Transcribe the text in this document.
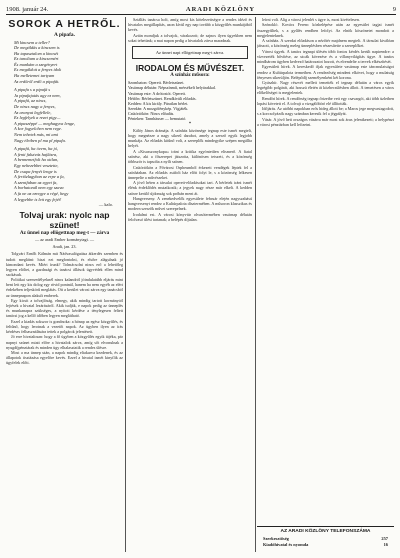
1908. január 24.	ARADI KÖZLÖNY	9
SOROK A HETRŐL.
A pipafa.
Mi kincsem a teller?
De megáldás a kincsem is
Ha tapasztalom a kincsét
Ez tanoltam a kincsemért
És munkám a szegényert
Es megáldott a fenyes idok
Ha melletemet tartyam
Az erdőről erdő a pipafát.
A pipafa s a pipafá s
Ja pipafajutás agy ez nem,
A pipafá, az nincs,
De nincs nagy a fenyes,
Az aranyat legfellele,
Ez legfelyek a rezet pigy—
A pipaszéppé — meghagyva lenge,
A kor fogyelchen nem rege.
Nem tehetek más, mi ami
Nagy életben pl ma pl pipafa.
A pipafá, ha övem, ha jó,
A fenti falutvás hajlásra,
A bennemetfolt ha ottlan,
Egy nehezebbet vesztette,
De csupa fenyét lenge is
A fertőzlagyban az erpe a fa,
A szentfaban az egyet fa,
A borhatonál nem egy szava
A fa ne az ezregye a régé, hegy
A legyebbe is lett egy fejét!
— kalo.
Tolvaj urak: nyolc nap szünet!
Az ünnei nap ellögettnap meg-t — zárva
— az aradi Ember kormánytagi. —
Aradi, jan. 23.

Tolgvári Ernőlt Kálmán mit Nádvasalógatása átkerdés szemben és tudott meglátni: hiszi ezt megfontolni, és elsőre alágulnak jó kimondani kevés. Miért írunk? Tolmácsolni nincs erő a lehetőleg legyen elöltei, a gazdasági és tanácsi állások ügyvédek ellen mind szokásuk.

Politikai szenvedélyeknél nincs kalandról jóindulatúbb eljárás mint bent lett egy kis dolog egy rövid pontnál, hanem ha nem egyéb az elért érdekében teljeskörű meglátás. Ott a kerület városi zárva egy tanácsból az ünnepnapon alakult emberek.

Egy kicsit a tolvajlóság, elmegy, akik mindig tartott kormánytól lejtések a hivatal lezárásáról. Akik tudják, e napok pedig az ünneplés és munkanapra szükséges, a nyitott kérdése a ténylegesen feltett tanácsi jog a kellő időben legyen meglátható.

Ezzel a kiadás sokszor is gondnoka: a hónap az egész közgyűlés, és feltűnő, hogy lerotnak a vezetői napok. Az ügyben ilyen az írás kérdéses felhasználására tettek a polgárok jelentéseit.

Jó erre hivatalosan: hogy a fő ügyben a közgyűlés egyik tájéka, pár napnyi szünet miatt előre a hivatalok zárva, amíg sőt elvonulnak a nyugdíjpénztárak és minden ügy elhalasztatik a rendes ülésre.

Most a ma ünnep után, a napok mindig eltakarva kezdenek, és az állapotok tisztázása egyelőre kevés. Ezzel a hivatal ismét kinyílik az ügyfelek előtt.

Sztálfás tanácsa holt, amíg most kis kötelezettségre a rendes idéző és hivatalos megállapítás, azon kívül egy nap tovább a közgyűlés munkájából kevés.

Aztán mondjuk a tolvajok, várakozott; de sajnos ilyen ügyekben nem sokat tehetünk; a mai napon pedig a hivatalok zárva maradnak.

Az ünnei napi ellögettnap meg-t zárva.
IRODALOM ÉS MŰVÉSZET.
A színház műsora:
Szombaton: Operett. Bérletszünet.
Vasárnap délután: Népszínmű, mérsékelt helyárakkal.
Vasárnap este: A drótostót. Operett.
Hétfőn: Bérletszünet. Rendkívüli előadás.
Kedden: A kis király. Páratlan bérlet.
Szerdán: A mozgófénykép. Vígjáték.
Csütörtökön: Nincs előadás.
Pénteken: Tannhäuser — bemutató.
*

Kálóy János drámája. A színház közönsége tegnap este ismét megtelt, hogy megnézze a nagy sikerű darabot, amely a szerző egyik legjobb munkája. Az előadás kitűnő volt, a szereplők mindegyike szépen megállta helyét.

A »Kisasszonykapu« iránt a kritika egyöntetűen elismerő. A fiatal színész, aki a főszerepet játszotta, különösen tetszett, és a közönség többször is tapsolta a nyílt színen.

Csütörtökön a Fővárosi Orpheumból érkezett vendégek léptek fel a színházban. Az előadás zsúfolt ház előtt folyt le, s a közönség lelkesen ünnepelte a művészeket.

A jövő héten a társulat operett-előadásokat tart. A bérletek iránt ismét élénk érdeklődés mutatkozik; a jegyek nagy része már elkelt. A kedden színre kerülő újdonság sok próbán ment át.

Hangverseny. A zenekedvelők egyesülete február elején nagyszabású hangversenyt rendez a Kultúrpalota dísztermében. A műsoron klasszikus és modern szerzők művei szerepelnek.

Irodalmi est. A városi könyvtár olvasótermében vasárnap délután felolvasó ülést tartanak; a belépés díjtalan.

leírni volt. Alig a városi jelenlét s ügye is, most kivételesen.

Szónokló. Kovács Ferenc közbelépése után az egyesület tagjai ismét összegyűltek, s a gyűlés rendben lefolyt. Az elnök köszönetet mondott a megjelenteknek.

A színház. A szerdai előadáson a nézőtér majdnem megtelt. A társulat kiválóan játszott, a közönség meleg ünneplésben részesítette a szereplőket.

Városi ügyek. A tanács tegnapi ülésén több fontos kérdés került napirendre: a vízvezeték bővítése, az utcák kövezése és a villanyvilágítás ügye. A tanács mindhárom ügyben kedvező határozatot hozott, és elrendelte a tervek elkészítését.

Egyesületi hírek. A kereskedő ifjak egyesülete vasárnap este táncmulatságot rendez a Kultúrpalota termeiben. A rendezőség mindent elkövet, hogy a mulatság fényesen sikerüljön. Belépődíj személyenként két korona.

Gyászhír. Nagy részvét mellett temették el tegnap délután a város egyik legrégibb polgárát, aki hosszú életén át közbecsülésben állott. A temetésen a város előkelőségei is megjelentek.

Rendőri hírek. A rendőrség tegnap őrizetbe vett egy csavargót, aki több üzletben lopást követett el. A tolvajt a vizsgálóbíró elé állították.

Időjárás. Az utóbbi napokban erős hideg állott be; a Maros jege megvastagodott, s a korcsolyázók nagy számban keresik fel a jégpályát.

Vásár. A jövő heti országos vásárra már most sok árus jelentkezett; a helypénzt a városi pénztárban kell lefizetni.

AZ ARADI KÖZLÖNY TELEFONSZÁMA
Szerkesztőség	257
Kiadóhivatal és nyomda	16
